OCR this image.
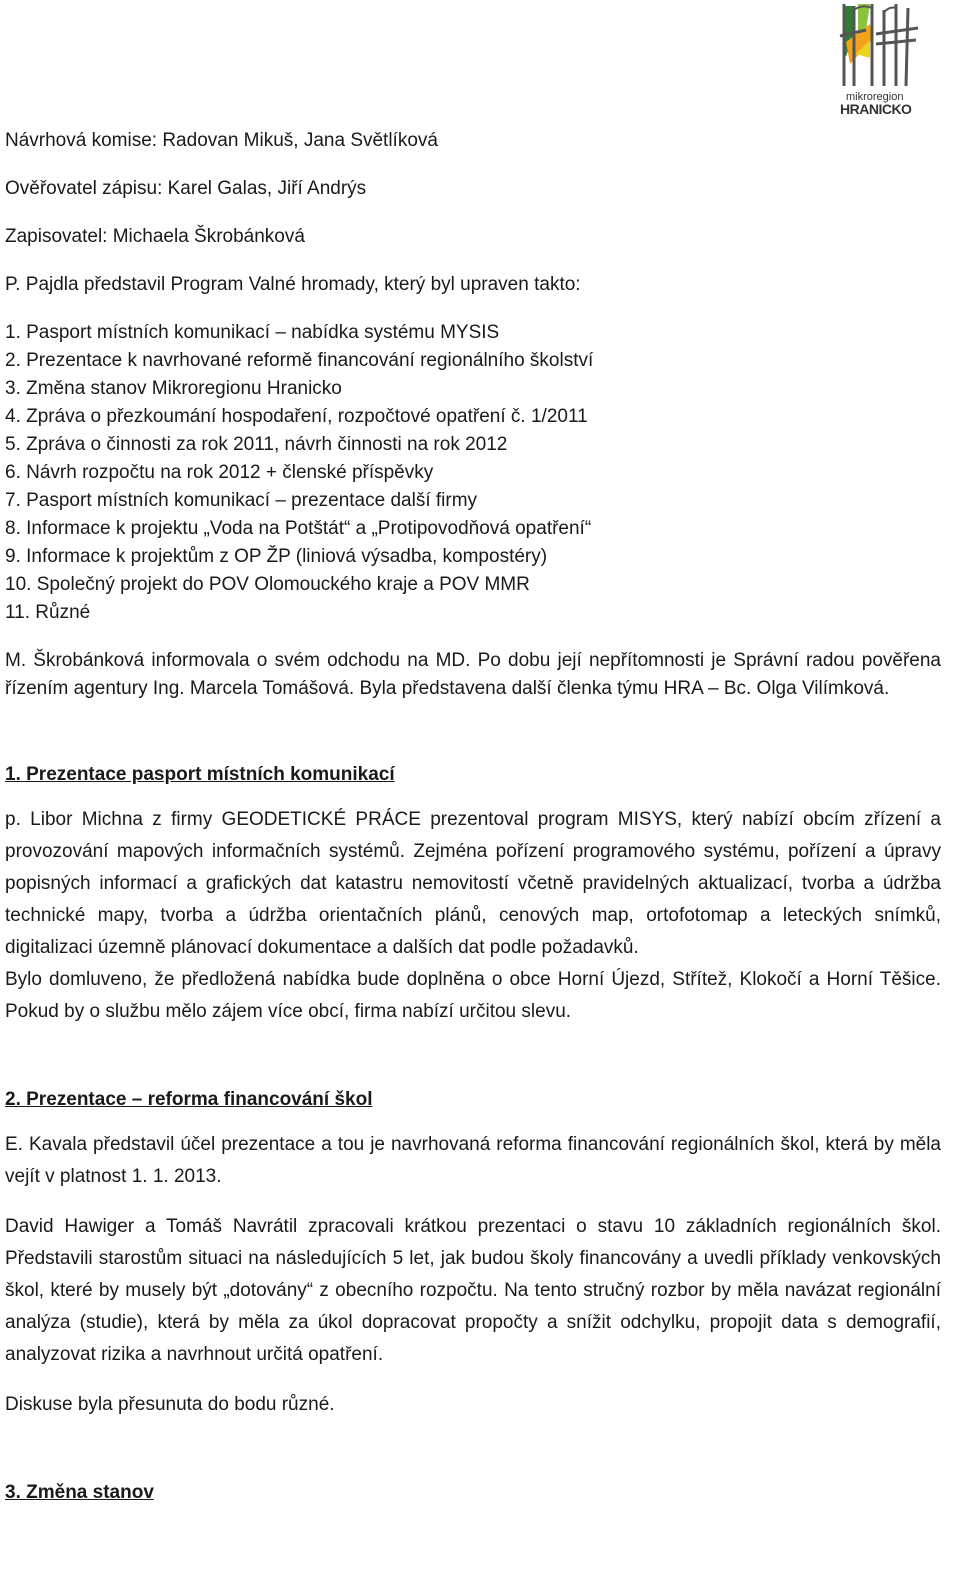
mikroregion
HRANICKO

Návrhová komise: Radovan Mikuš, Jana Světlíková

Ověřovatel zápisu: Karel Galas, Jiří Andrýs

Zapisovatel: Michaela Škrobánková

P. Pajdla představil Program Valné hromady, který byl upraven takto:

1. Pasport místních komunikací – nabídka systému MYSIS
2. Prezentace k navrhované reformě financování regionálního školství
3. Změna stanov Mikroregionu Hranicko
4. Zpráva o přezkoumání hospodaření, rozpočtové opatření č. 1/2011
5. Zpráva o činnosti za rok 2011, návrh činnosti na rok 2012
6. Návrh rozpočtu na rok 2012 + členské příspěvky
7. Pasport místních komunikací – prezentace další firmy
8. Informace k projektu „Voda na Potštát“ a „Protipovodňová opatření“
9. Informace k projektům z OP ŽP (liniová výsadba, kompostéry)
10. Společný projekt do POV Olomouckého kraje a POV MMR
11. Různé

M. Škrobánková informovala o svém odchodu na MD. Po dobu její nepřítomnosti je Správní radou pověřena řízením agentury Ing. Marcela Tomášová. Byla představena další členka týmu HRA – Bc. Olga Vilímková.

1. Prezentace pasport místních komunikací

p. Libor Michna z firmy GEODETICKÉ PRÁCE prezentoval program MISYS, který nabízí obcím zřízení a provozování mapových informačních systémů. Zejména pořízení programového systému, pořízení a úpravy popisných informací a grafických dat katastru nemovitostí včetně pravidelných aktualizací, tvorba a údržba technické mapy, tvorba a údržba orientačních plánů, cenových map, ortofotomap a leteckých snímků, digitalizaci územně plánovací dokumentace a dalších dat podle požadavků.

Bylo domluveno, že předložená nabídka bude doplněna o obce Horní Újezd, Střítež, Klokočí a Horní Těšice. Pokud by o službu mělo zájem více obcí, firma nabízí určitou slevu.

2. Prezentace – reforma financování škol

E. Kavala představil účel prezentace a tou je navrhovaná reforma financování regionálních škol, která by měla vejít v platnost 1. 1. 2013.

David Hawiger a Tomáš Navrátil zpracovali krátkou prezentaci o stavu 10 základních regionálních škol. Představili starostům situaci na následujících 5 let, jak budou školy financovány a uvedli příklady venkovských škol, které by musely být „dotovány“ z obecního rozpočtu. Na tento stručný rozbor by měla navázat regionální analýza (studie), která by měla za úkol dopracovat propočty a snížit odchylku, propojit data s demografií, analyzovat rizika a navrhnout určitá opatření.

Diskuse byla přesunuta do bodu různé.

3. Změna stanov
